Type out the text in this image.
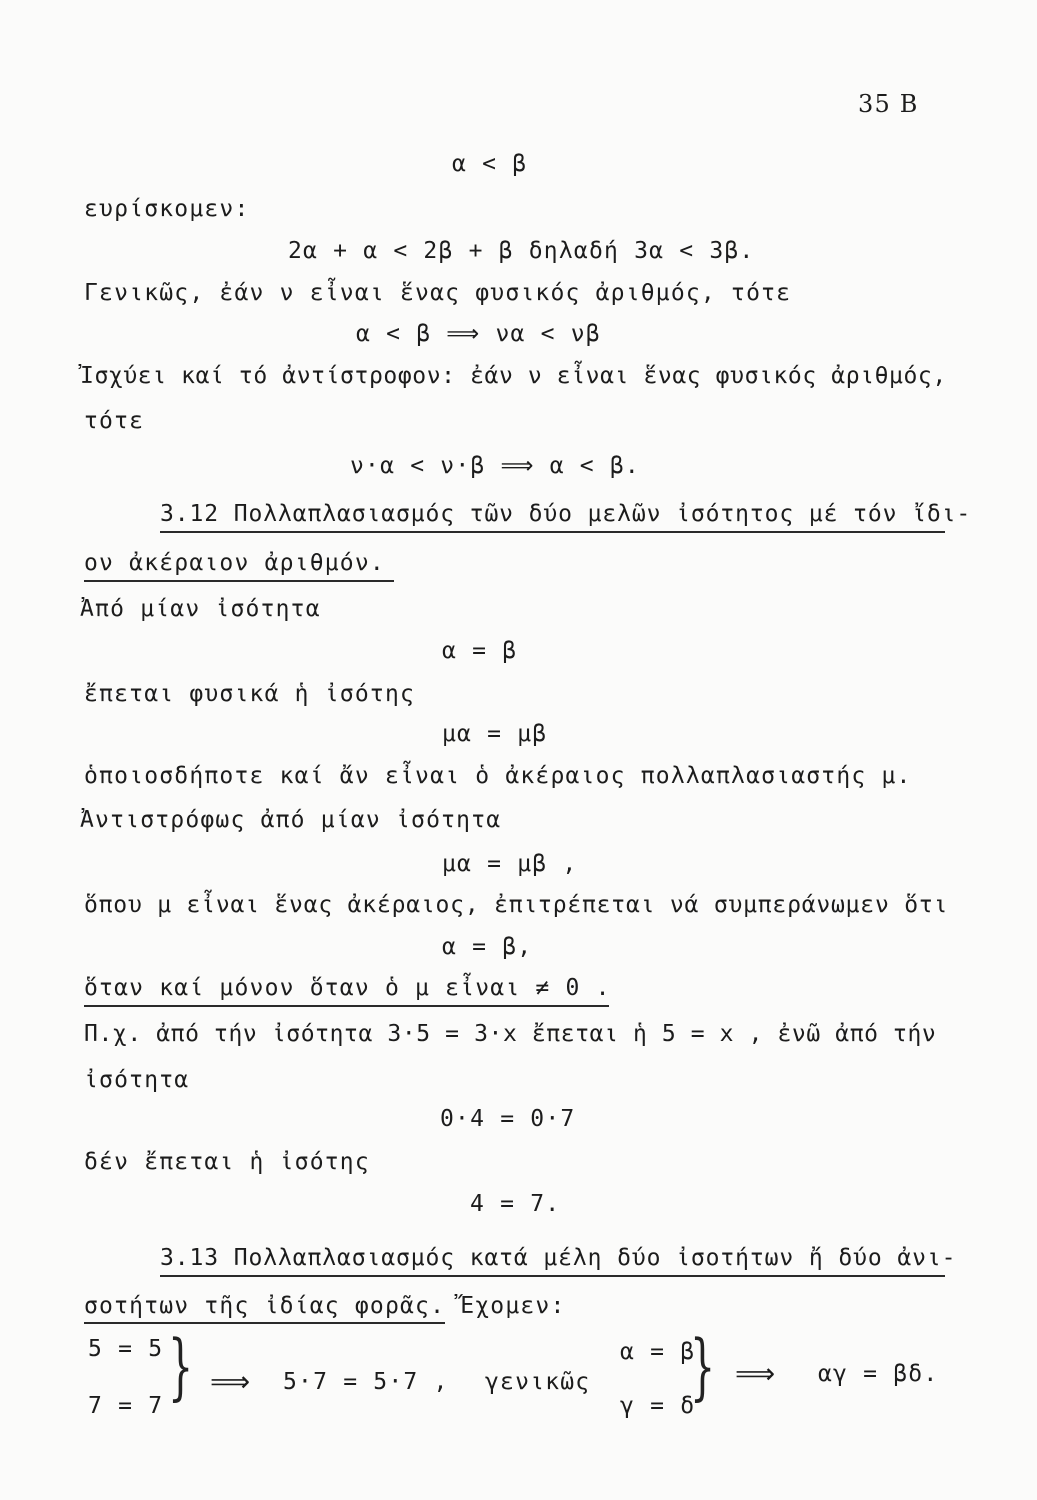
35 B
α < β
ευρίσκομεν:
2α + α < 2β + β δηλαδή 3α < 3β.
Γενικῶς, ἐάν ν εἶναι ἕνας φυσικός ἀριθμός, τότε
α < β ⟹ να < νβ
Ἰσχύει καί τό ἀντίστροφον: ἐάν ν εἶναι ἕνας φυσικός ἀριθμός,
τότε
ν·α < ν·β ⟹ α < β.
3.12 Πολλαπλασιασμός τῶν δύο μελῶν ἰσότητος μέ τόν ἴδι-
ον ἀκέραιον ἀριθμόν.
Ἀπό μίαν ἰσότητα
α = β
ἔπεται φυσικά ἡ ἰσότης
μα = μβ
ὁποιοσδήποτε καί ἄν εἶναι ὁ ἀκέραιος πολλαπλασιαστής μ.
Ἀντιστρόφως ἀπό μίαν ἰσότητα
μα = μβ ,
ὅπου μ εἶναι ἕνας ἀκέραιος, ἐπιτρέπεται νά συμπεράνωμεν ὅτι
α = β,
ὅταν καί μόνον ὅταν ὁ μ εἶναι ≠ 0 .
Π.χ. ἀπό τήν ἰσότητα 3·5 = 3·x ἔπεται ἡ 5 = x , ἐνῶ ἀπό τήν
ἰσότητα
0·4 = 0·7
δέν ἔπεται ἡ ἰσότης
4 = 7.
3.13 Πολλαπλασιασμός κατά μέλη δύο ἰσοτήτων ἤ δύο ἀνι-
σοτήτων τῆς ἰδίας φορᾶς. Ἔχομεν:
5 = 5
7 = 7 } ⟹ 5·7 = 5·7 , γενικῶς
α = β
γ = δ
} ⟹ αγ = βδ.
